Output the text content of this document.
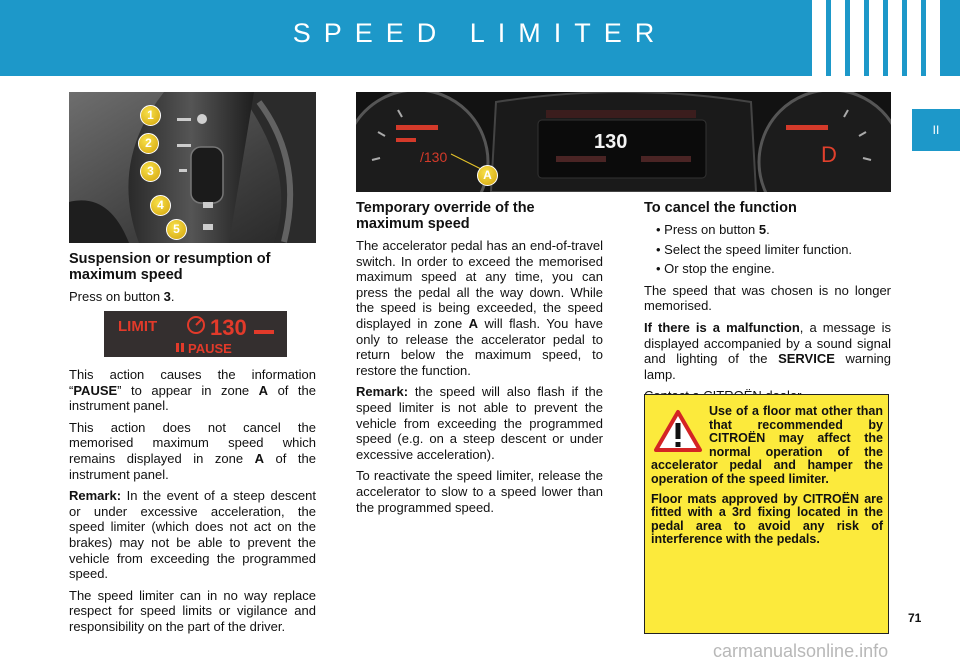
SPEED LIMITER
II
1
2
3
4
5
130
/130	D
A
Suspension or resumption of maximum speed

Press on button 3.

LIMIT 130
PAUSE

This action causes the information “PAUSE” to appear in zone A of the instrument panel.

This action does not cancel the memorised maximum speed which remains displayed in zone A of the instrument panel.

Remark: In the event of a steep descent or under excessive acceleration, the speed limiter (which does not act on the brakes) may not be able to prevent the vehicle from exceeding the programmed speed.

The speed limiter can in no way replace respect for speed limits or vigilance and responsibility on the part of the driver.

Temporary override of the maximum speed

The accelerator pedal has an end-of-travel switch. In order to exceed the memorised maximum speed at any time, you can press the pedal all the way down. While the speed is being exceeded, the speed displayed in zone A will flash. You have only to release the accelerator pedal to return below the maximum speed, to restore the function.

Remark: the speed will also flash if the speed limiter is not able to prevent the vehicle from exceeding the programmed speed (e.g. on a steep descent or under excessive acceleration).

To reactivate the speed limiter, release the accelerator to slow to a speed lower than the programmed speed.

To cancel the function
• Press on button 5.
• Select the speed limiter function.
• Or stop the engine.

The speed that was chosen is no longer memorised.

If there is a malfunction, a message is displayed accompanied by a sound signal and lighting of the SERVICE warning lamp.

Use of a floor mat other than that recommended by CITROËN may affect the normal operation of the accelerator pedal and hamper the operation of the speed limiter.

Floor mats approved by CITROËN are fitted with a 3rd fixing located in the pedal area to avoid any risk of interference with the pedals.

71
carmanualsonline.info
